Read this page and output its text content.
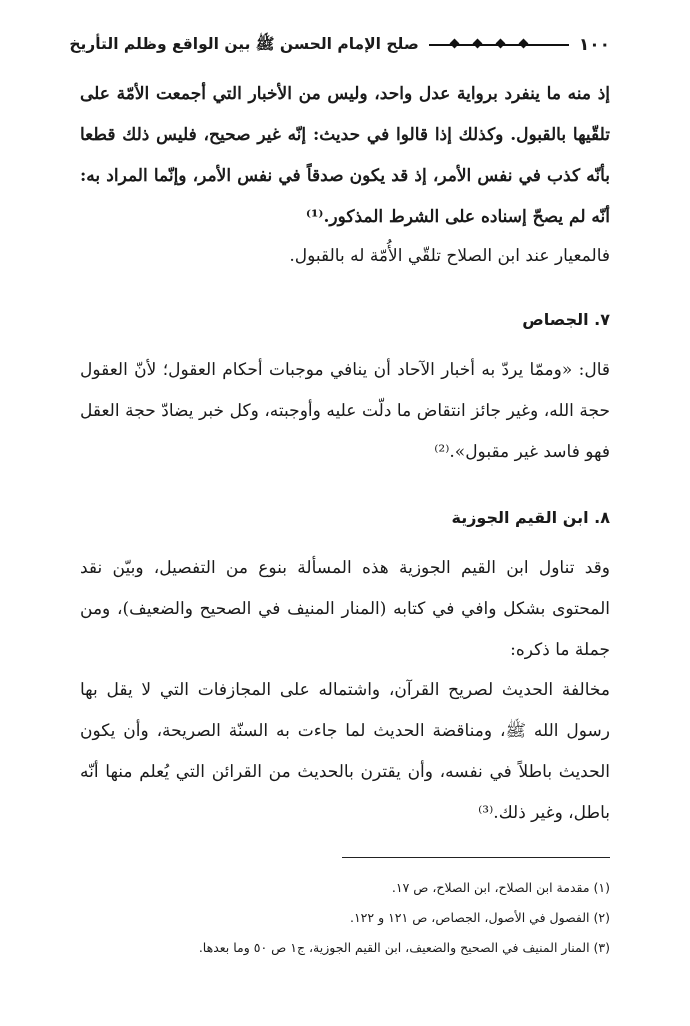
١٠٠
صلح الإمام الحسن ﷺ بين الواقع وظلم التأريخ

إذ منه ما ينفرد برواية عدل واحد، وليس من الأخبار التي أجمعت الأمّة على تلقّيها بالقبول. وكذلك إذا قالوا في حديث: إنّه غير صحيح، فليس ذلك قطعا بأنّه كذب في نفس الأمر، إذ قد يكون صدقاً في نفس الأمر، وإنّما المراد به: أنّه لم يصحّ إسناده على الشرط المذكور.⁽¹⁾

فالمعيار عند ابن الصلاح تلقّي الأُمّة له بالقبول.

٧. الجصاص

قال: «وممّا يردّ به أخبار الآحاد أن ينافي موجبات أحكام العقول؛ لأنّ العقول حجة الله، وغير جائز انتقاض ما دلّت عليه وأوجبته، وكل خبر يضادّ حجة العقل فهو فاسد غير مقبول».⁽²⁾

٨. ابن القيم الجوزية

وقد تناول ابن القيم الجوزية هذه المسألة بنوع من التفصيل، وبيّن نقد المحتوى بشكل وافي في كتابه (المنار المنيف في الصحيح والضعيف)، ومن جملة ما ذكره:

مخالفة الحديث لصريح القرآن، واشتماله على المجازفات التي لا يقل بها رسول الله ﷺ، ومناقضة الحديث لما جاءت به السنّة الصريحة، وأن يكون الحديث باطلاً في نفسه، وأن يقترن بالحديث من القرائن التي يُعلم منها أنّه باطل، وغير ذلك.⁽³⁾

(١) مقدمة ابن الصلاح، ابن الصلاح، ص ١٧.

(٢) الفصول في الأصول، الجصاص، ص ١٢١ و ١٢٢.

(٣) المنار المنيف في الصحيح والضعيف، ابن القيم الجوزية، ج١ ص ٥٠ وما بعدها.
